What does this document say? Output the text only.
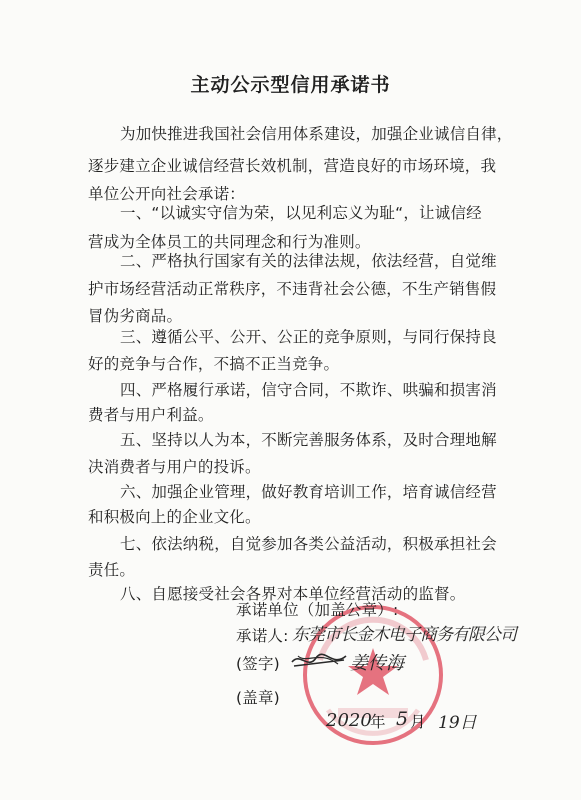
主动公示型信用承诺书
为加快推进我国社会信用体系建设，加强企业诚信自律，
逐步建立企业诚信经营长效机制，营造良好的市场环境，我
单位公开向社会承诺：
一、“以诚实守信为荣，以见利忘义为耻“，让诚信经
营成为全体员工的共同理念和行为准则。
二、严格执行国家有关的法律法规，依法经营，自觉维
护市场经营活动正常秩序，不违背社会公德，不生产销售假
冒伪劣商品。
三、遵循公平、公开、公正的竞争原则，与同行保持良
好的竞争与合作，不搞不正当竞争。
四、严格履行承诺，信守合同，不欺诈、哄骗和损害消
费者与用户利益。
五、坚持以人为本，不断完善服务体系，及时合理地解
决消费者与用户的投诉。
六、加强企业管理，做好教育培训工作，培育诚信经营
和积极向上的企业文化。
七、依法纳税，自觉参加各类公益活动，积极承担社会
责任。
八、自愿接受社会各界对本单位经营活动的监督。
承诺单位（加盖公章）:
承诺人: 东莞市长金木电子商务有限公司
(签字)	姜传海
(盖章)
2020
年 5 月 19日
